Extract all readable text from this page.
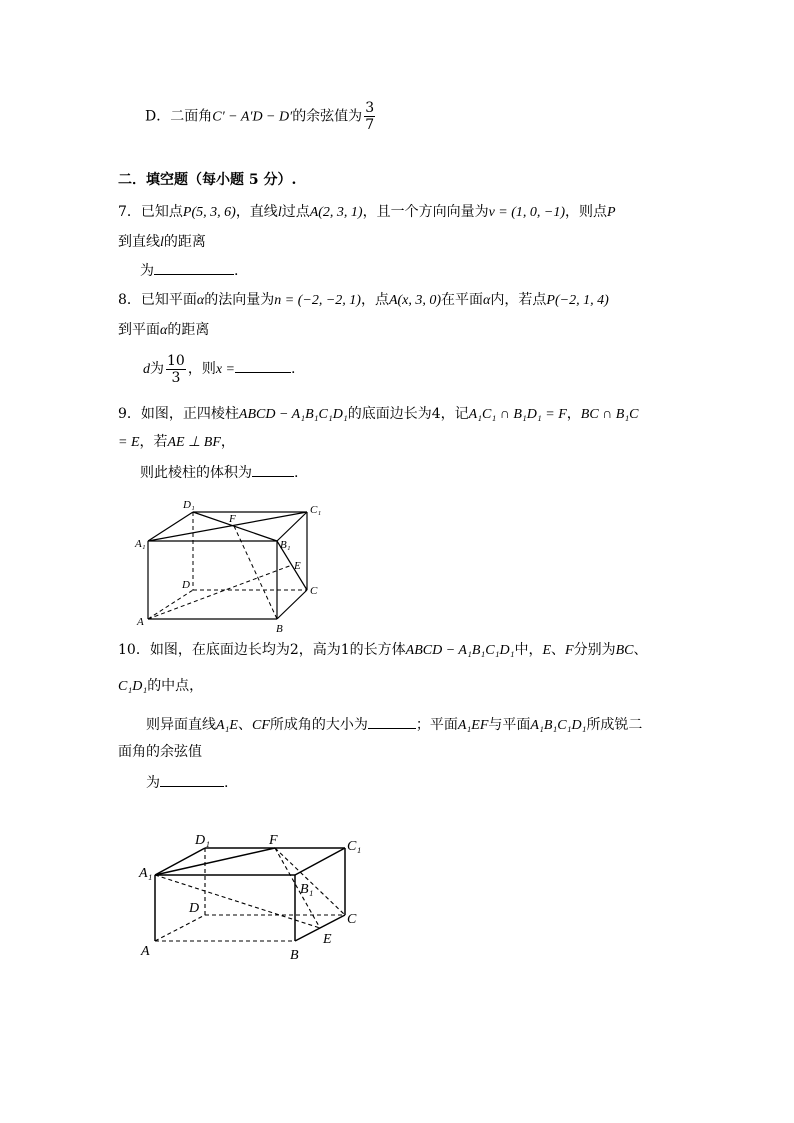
D．二面角C′ − A′D − D′的余弦值为 $\frac{3}{7}$
二．填空题（每小题 5 分）.
7．已知点P(5, 3, 6)，直线l过点A(2, 3, 1)，且一个方向向量为v = (1, 0, −1)，则点P
到直线l的距离
为	.
8．已知平面α的法向量为n = (−2, −2, 1)，点A(x, 3, 0)在平面α内，若点P(−2, 1, 4)
到平面α的距离
d为 $\frac{10}{3}$ ，则x =	.
9．如图，正四棱柱ABCD − A₁B₁C₁D₁的底面边长为4，记A₁C₁ ∩ B₁D₁ = F，BC ∩ B₁C
= E，若AE ⊥ BF，
则此棱柱的体积为	.
D₁
F
C₁
A₁	B₁
E
D	C
A
B
10．如图，在底面边长均为2，高为1的长方体ABCD − A₁B₁C₁D₁中，E、F分别为BC、
C₁D₁的中点，
则异面直线A₁E、CF所成角的大小为	；平面A₁EF与平面A₁B₁C₁D₁所成锐二
面角的余弦值
为	.
D₁	F	C₁
A₁
B₁
D
C
A
E
B
